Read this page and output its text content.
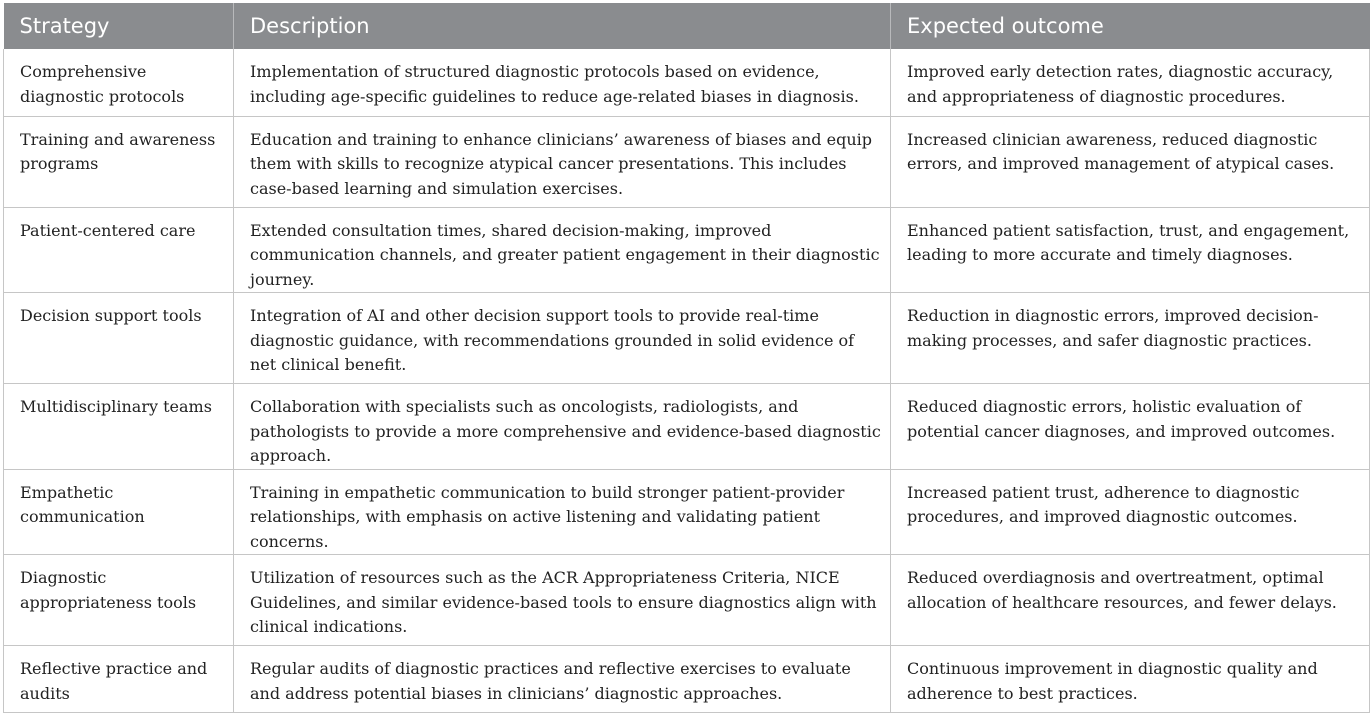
Strategy	Description	Expected outcome
Comprehensive diagnostic protocols	Implementation of structured diagnostic protocols based on evidence, including age-specific guidelines to reduce age-related biases in diagnosis.	Improved early detection rates, diagnostic accuracy, and appropriateness of diagnostic procedures.
Training and awareness programs	Education and training to enhance clinicians’ awareness of biases and equip them with skills to recognize atypical cancer presentations. This includes case-based learning and simulation exercises.	Increased clinician awareness, reduced diagnostic errors, and improved management of atypical cases.
Patient-centered care	Extended consultation times, shared decision-making, improved communication channels, and greater patient engagement in their diagnostic journey.	Enhanced patient satisfaction, trust, and engagement, leading to more accurate and timely diagnoses.
Decision support tools	Integration of AI and other decision support tools to provide real-time diagnostic guidance, with recommendations grounded in solid evidence of net clinical benefit.	Reduction in diagnostic errors, improved decision-making processes, and safer diagnostic practices.
Multidisciplinary teams	Collaboration with specialists such as oncologists, radiologists, and pathologists to provide a more comprehensive and evidence-based diagnostic approach.	Reduced diagnostic errors, holistic evaluation of potential cancer diagnoses, and improved outcomes.
Empathetic communication	Training in empathetic communication to build stronger patient-provider relationships, with emphasis on active listening and validating patient concerns.	Increased patient trust, adherence to diagnostic procedures, and improved diagnostic outcomes.
Diagnostic appropriateness tools	Utilization of resources such as the ACR Appropriateness Criteria, NICE Guidelines, and similar evidence-based tools to ensure diagnostics align with clinical indications.	Reduced overdiagnosis and overtreatment, optimal allocation of healthcare resources, and fewer delays.
Reflective practice and audits	Regular audits of diagnostic practices and reflective exercises to evaluate and address potential biases in clinicians’ diagnostic approaches.	Continuous improvement in diagnostic quality and adherence to best practices.
